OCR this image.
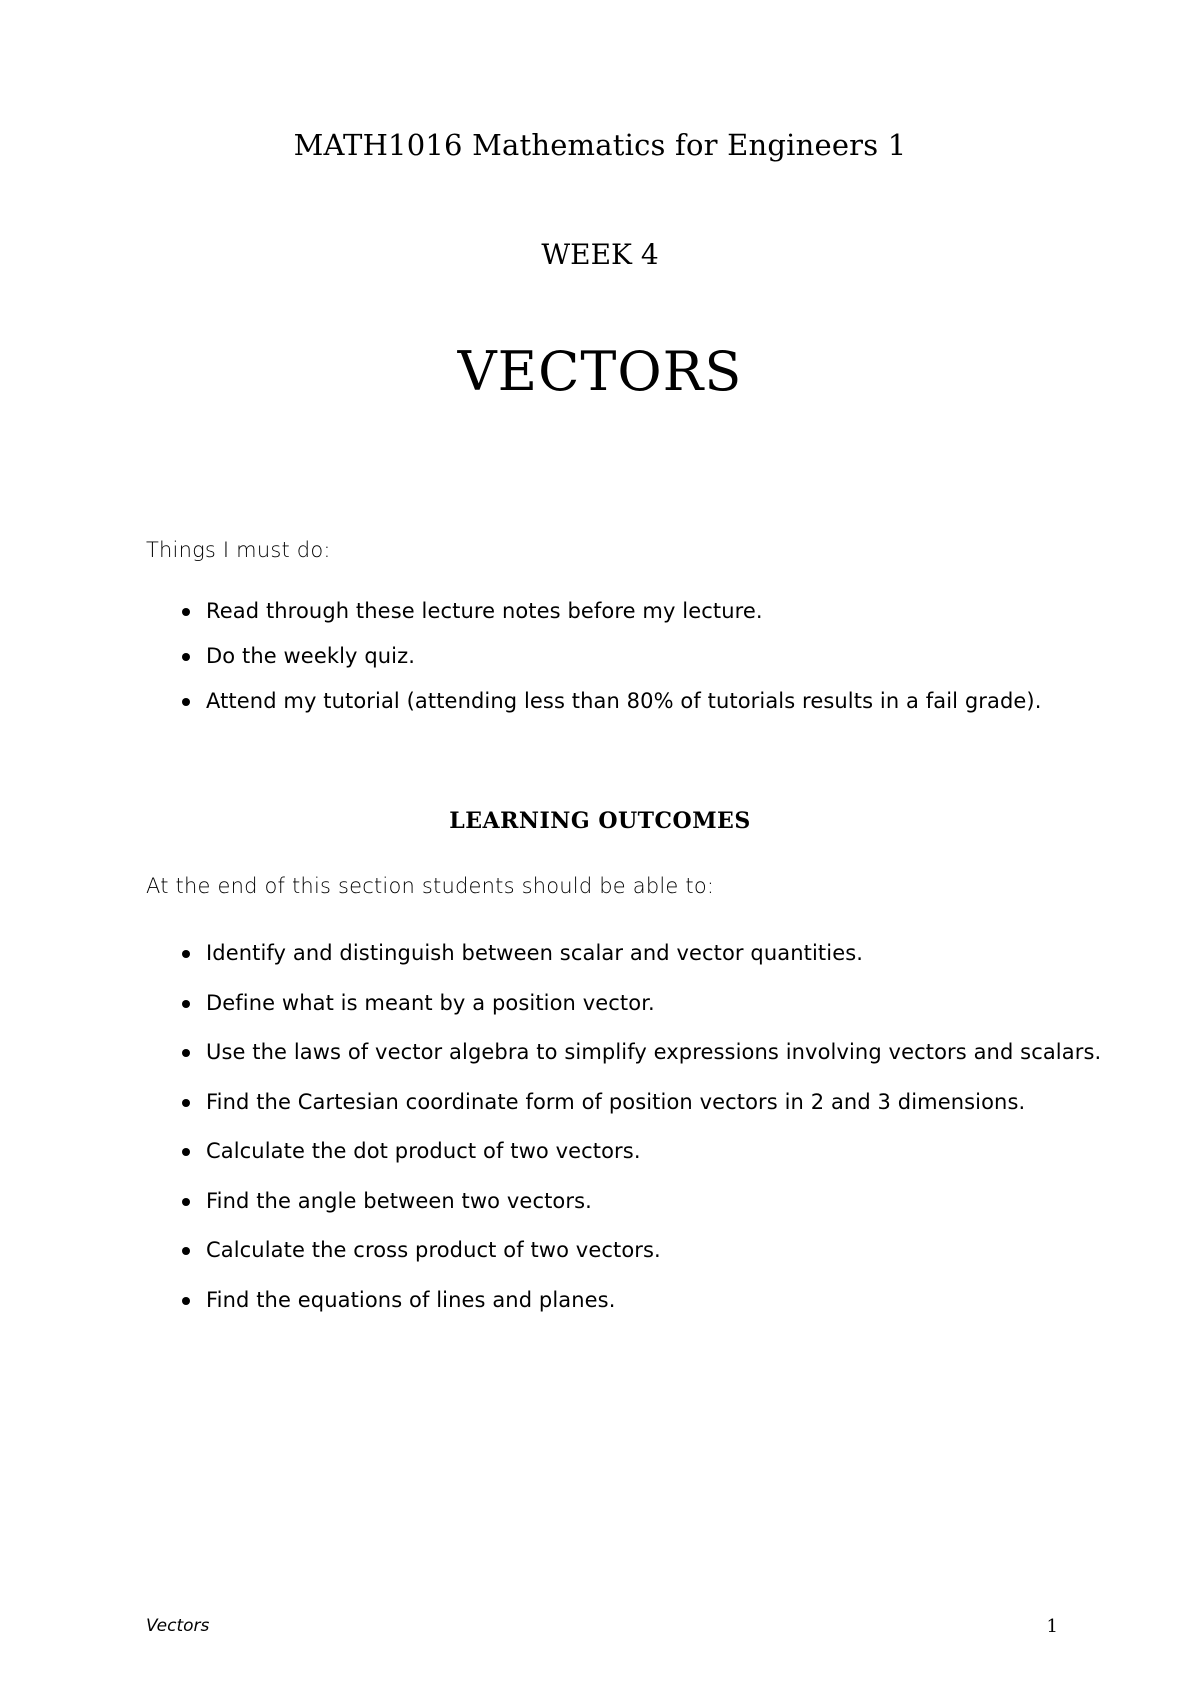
MATH1016 Mathematics for Engineers 1
WEEK 4
VECTORS
Things I must do:
Read through these lecture notes before my lecture.
Do the weekly quiz.
Attend my tutorial (attending less than 80% of tutorials results in a fail grade).
LEARNING OUTCOMES
At the end of this section students should be able to:
Identify and distinguish between scalar and vector quantities.
Define what is meant by a position vector.
Use the laws of vector algebra to simplify expressions involving vectors and scalars.
Find the Cartesian coordinate form of position vectors in 2 and 3 dimensions.
Calculate the dot product of two vectors.
Find the angle between two vectors.
Calculate the cross product of two vectors.
Find the equations of lines and planes.
Vectors	1
